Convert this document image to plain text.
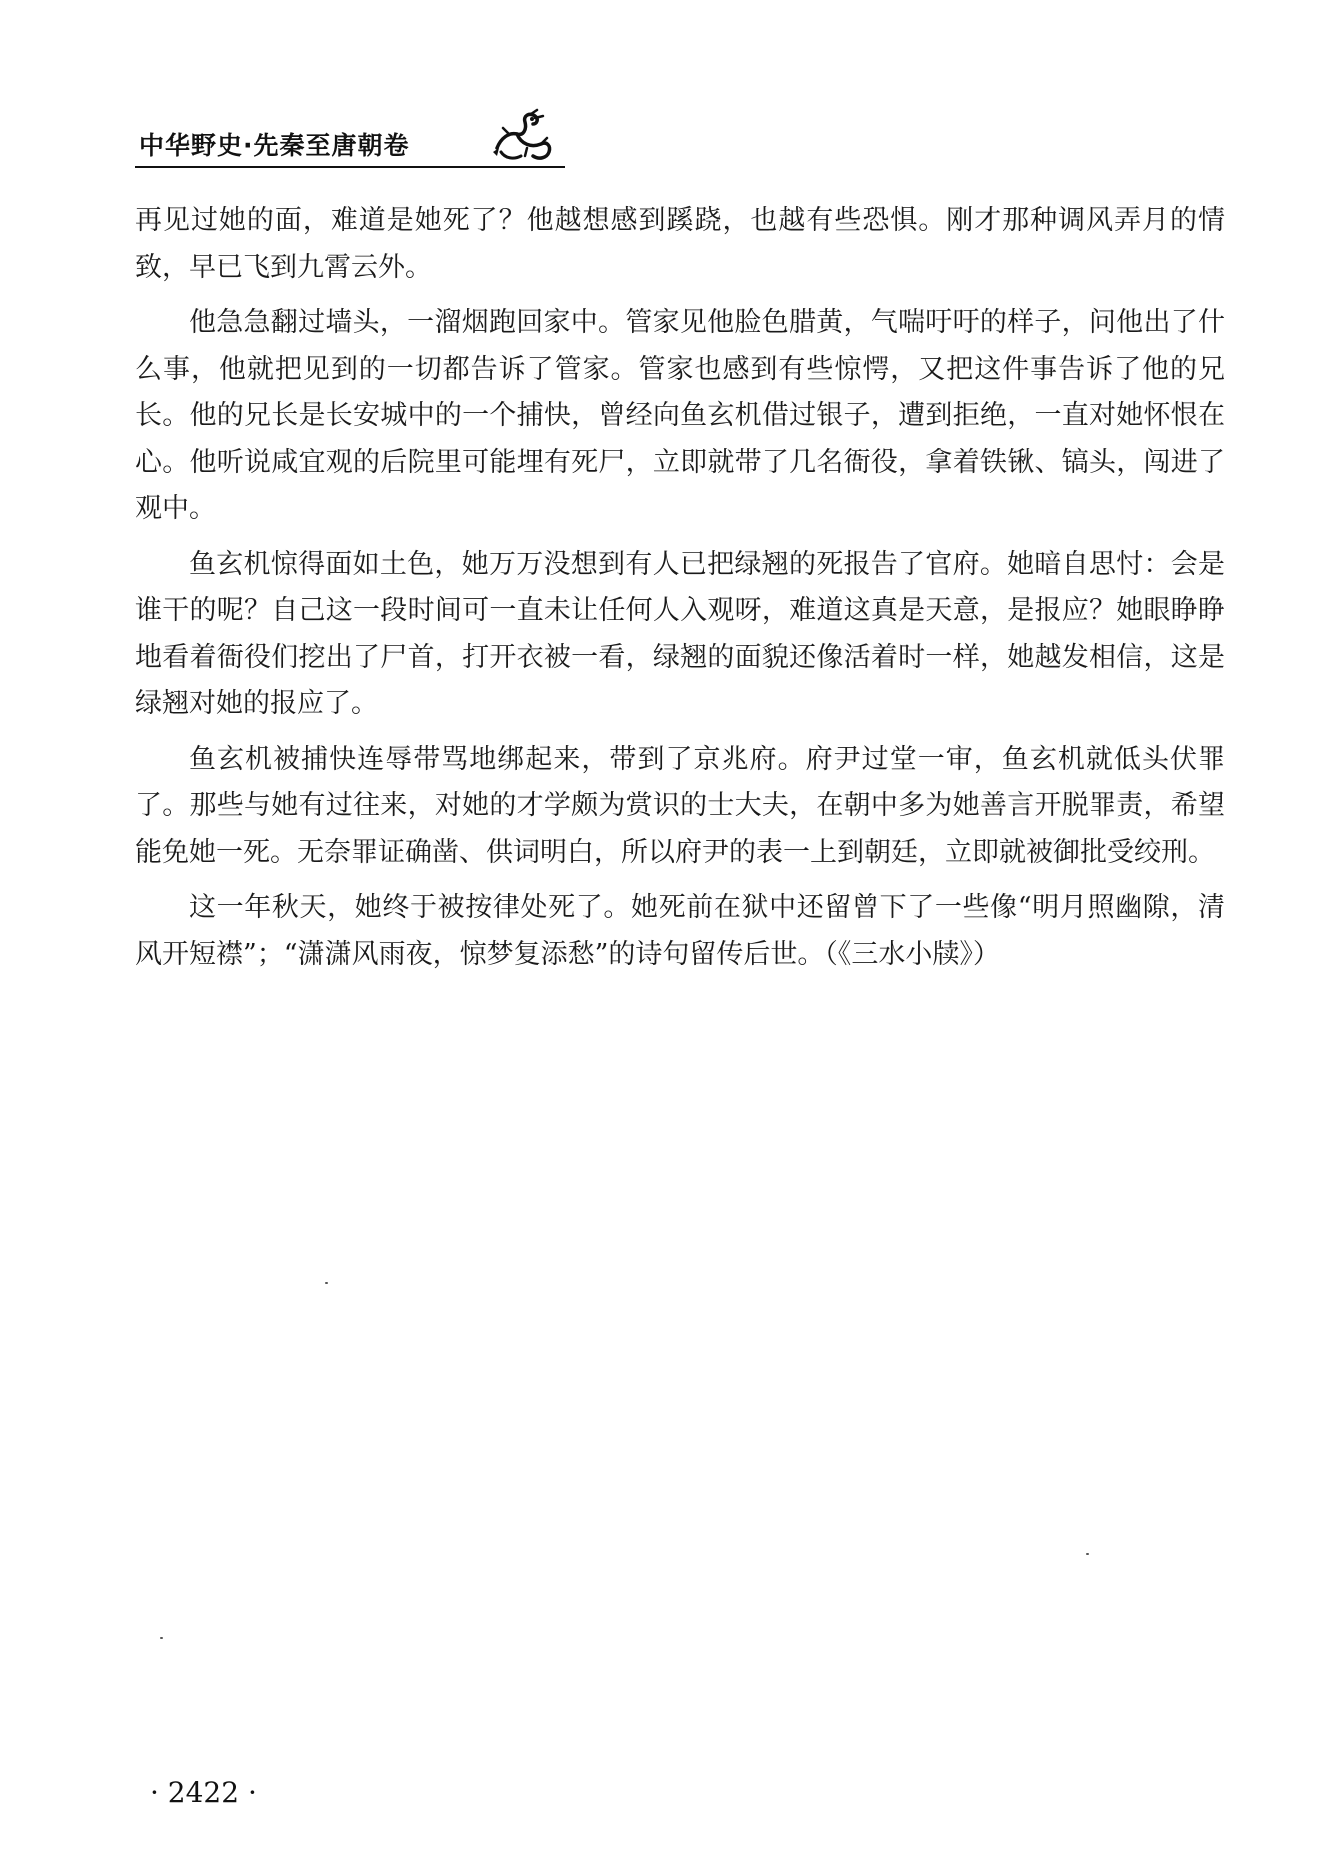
中华野史·先秦至唐朝卷

再见过她的面，难道是她死了？他越想感到蹊跷，也越有些恐惧。刚才那种调风弄月的情致，早已飞到九霄云外。

他急急翻过墙头，一溜烟跑回家中。管家见他脸色腊黄，气喘吁吁的样子，问他出了什么事，他就把见到的一切都告诉了管家。管家也感到有些惊愕，又把这件事告诉了他的兄长。他的兄长是长安城中的一个捕快，曾经向鱼玄机借过银子，遭到拒绝，一直对她怀恨在心。他听说咸宜观的后院里可能埋有死尸，立即就带了几名衙役，拿着铁锹、镐头，闯进了观中。

鱼玄机惊得面如土色，她万万没想到有人已把绿翘的死报告了官府。她暗自思忖：会是谁干的呢？自己这一段时间可一直未让任何人入观呀，难道这真是天意，是报应？她眼睁睁地看着衙役们挖出了尸首，打开衣被一看，绿翘的面貌还像活着时一样，她越发相信，这是绿翘对她的报应了。

鱼玄机被捕快连辱带骂地绑起来，带到了京兆府。府尹过堂一审，鱼玄机就低头伏罪了。那些与她有过往来，对她的才学颇为赏识的士大夫，在朝中多为她善言开脱罪责，希望能免她一死。无奈罪证确凿、供词明白，所以府尹的表一上到朝廷，立即就被御批受绞刑。

这一年秋天，她终于被按律处死了。她死前在狱中还留曾下了一些像“明月照幽隙，清风开短襟”；“潇潇风雨夜，惊梦复添愁”的诗句留传后世。（《三水小牍》）

· 2422 ·
